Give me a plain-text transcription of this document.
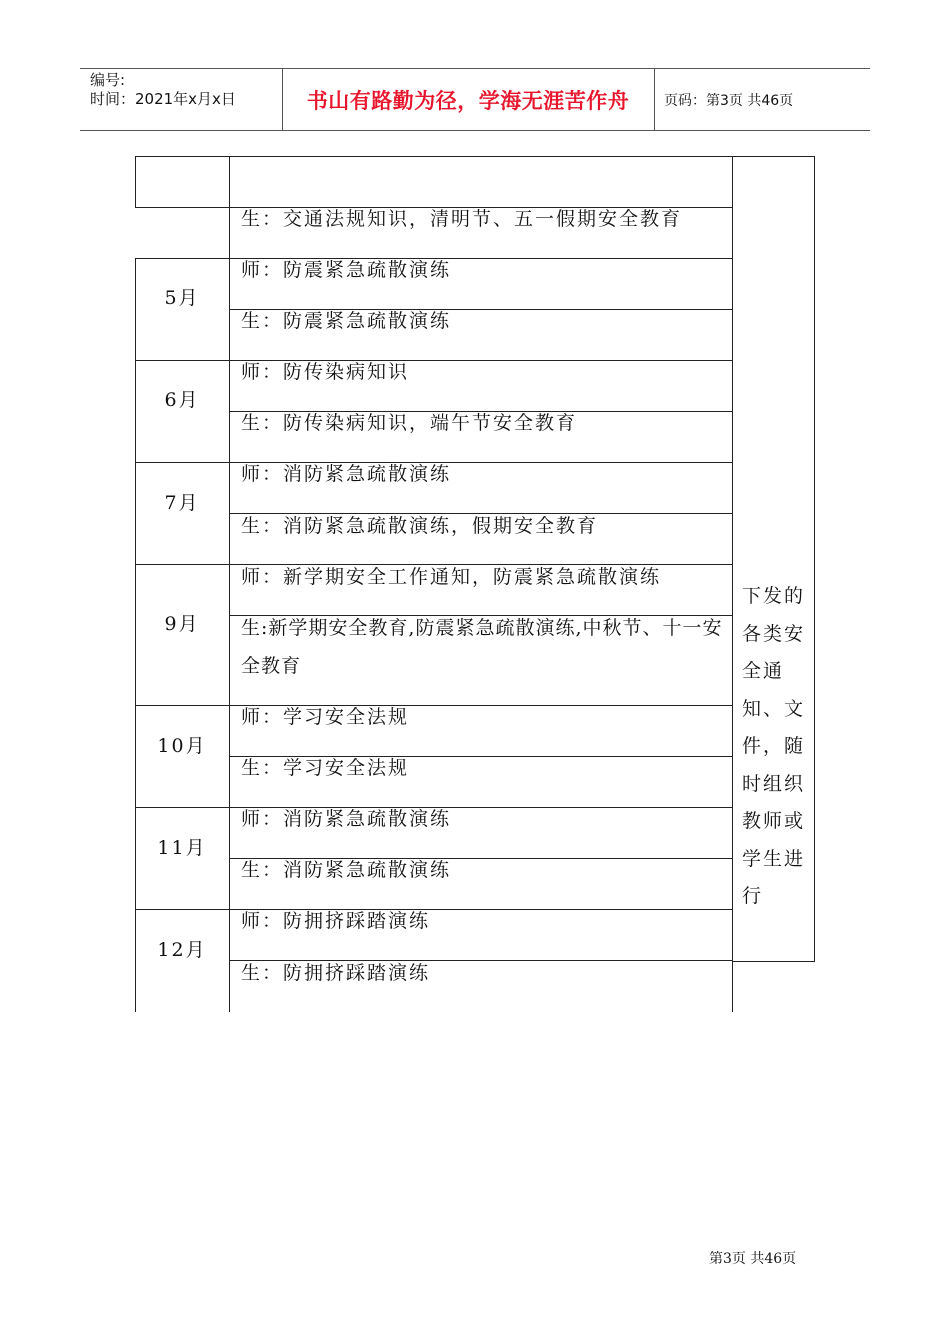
编号:
时间：2021年x月x日	书山有路勤为径，学海无涯苦作舟	页码：第3页 共46页
生：交通法规知识，清明节、五一假期安全教育
5月
师：防震紧急疏散演练
生：防震紧急疏散演练
6月
师：防传染病知识
生：防传染病知识，端午节安全教育
7月
师：消防紧急疏散演练
生：消防紧急疏散演练，假期安全教育
9月
师：新学期安全工作通知，防震紧急疏散演练
生:新学期安全教育,防震紧急疏散演练,中秋节、十一安全教育
10月
师：学习安全法规
生：学习安全法规
11月
师：消防紧急疏散演练
生：消防紧急疏散演练
12月
师：防拥挤踩踏演练
生：防拥挤踩踏演练
下发的各类安全通知、文件，随时组织教师或学生进行
第3页 共46页
